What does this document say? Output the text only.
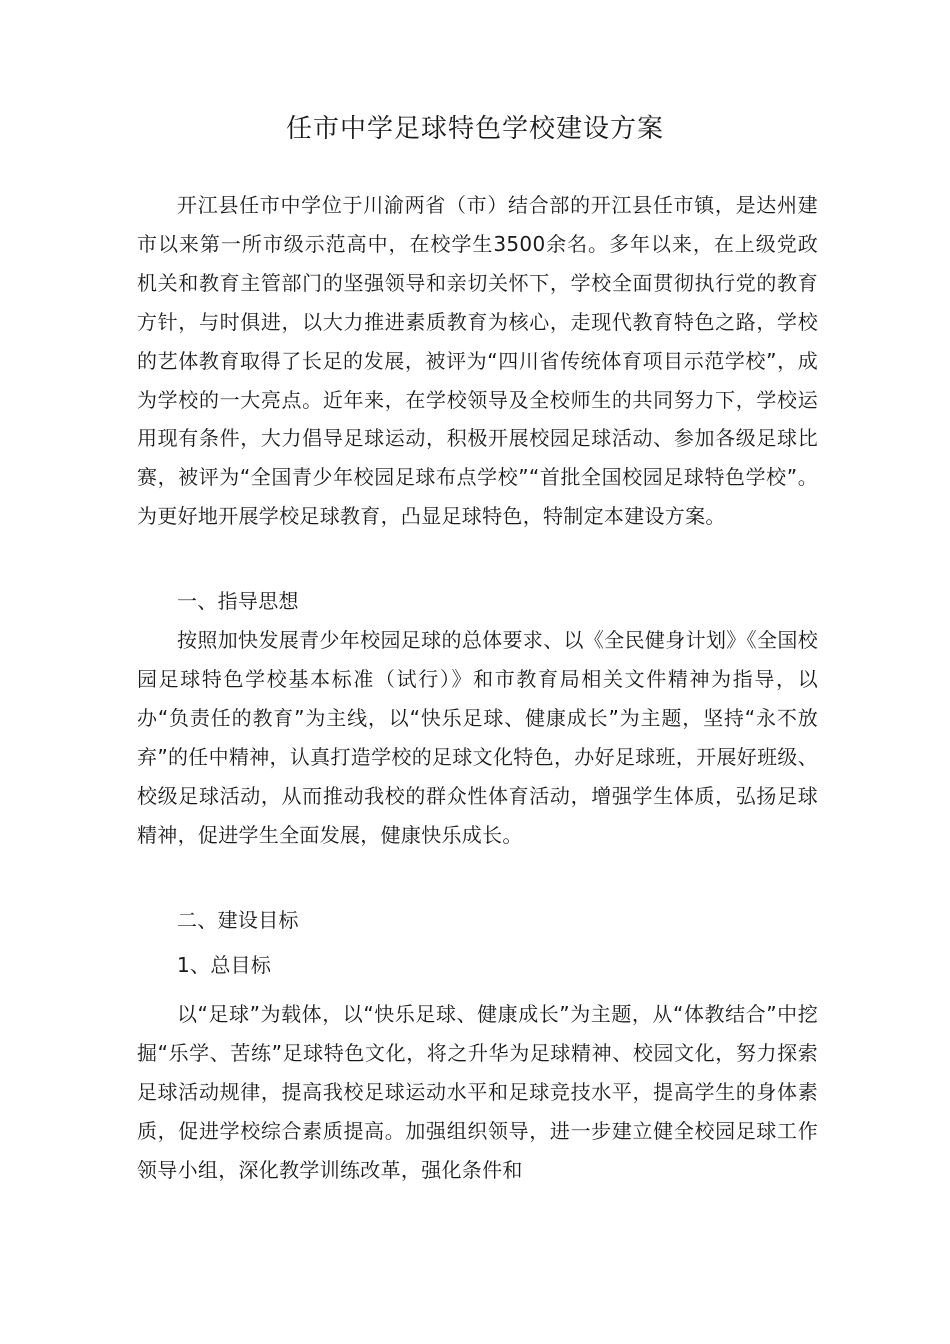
任市中学足球特色学校建设方案

开江县任市中学位于川渝两省（市）结合部的开江县任市镇，是达州建市以来第一所市级示范高中，在校学生3500余名。多年以来，在上级党政机关和教育主管部门的坚强领导和亲切关怀下，学校全面贯彻执行党的教育方针，与时俱进，以大力推进素质教育为核心，走现代教育特色之路，学校的艺体教育取得了长足的发展，被评为“四川省传统体育项目示范学校”，成为学校的一大亮点。近年来，在学校领导及全校师生的共同努力下，学校运用现有条件，大力倡导足球运动，积极开展校园足球活动、参加各级足球比赛，被评为“全国青少年校园足球布点学校”“首批全国校园足球特色学校”。为更好地开展学校足球教育，凸显足球特色，特制定本建设方案。

一、指导思想

按照加快发展青少年校园足球的总体要求、以《全民健身计划》《全国校园足球特色学校基本标准（试行）》和市教育局相关文件精神为指导，以办“负责任的教育”为主线，以“快乐足球、健康成长”为主题，坚持“永不放弃”的任中精神，认真打造学校的足球文化特色，办好足球班，开展好班级、校级足球活动，从而推动我校的群众性体育活动，增强学生体质，弘扬足球精神，促进学生全面发展，健康快乐成长。

二、建设目标

1、总目标

以“足球”为载体，以“快乐足球、健康成长”为主题，从“体教结合”中挖掘“乐学、苦练”足球特色文化，将之升华为足球精神、校园文化，努力探索足球活动规律，提高我校足球运动水平和足球竞技水平，提高学生的身体素质，促进学校综合素质提高。加强组织领导，进一步建立健全校园足球工作领导小组，深化教学训练改革，强化条件和
